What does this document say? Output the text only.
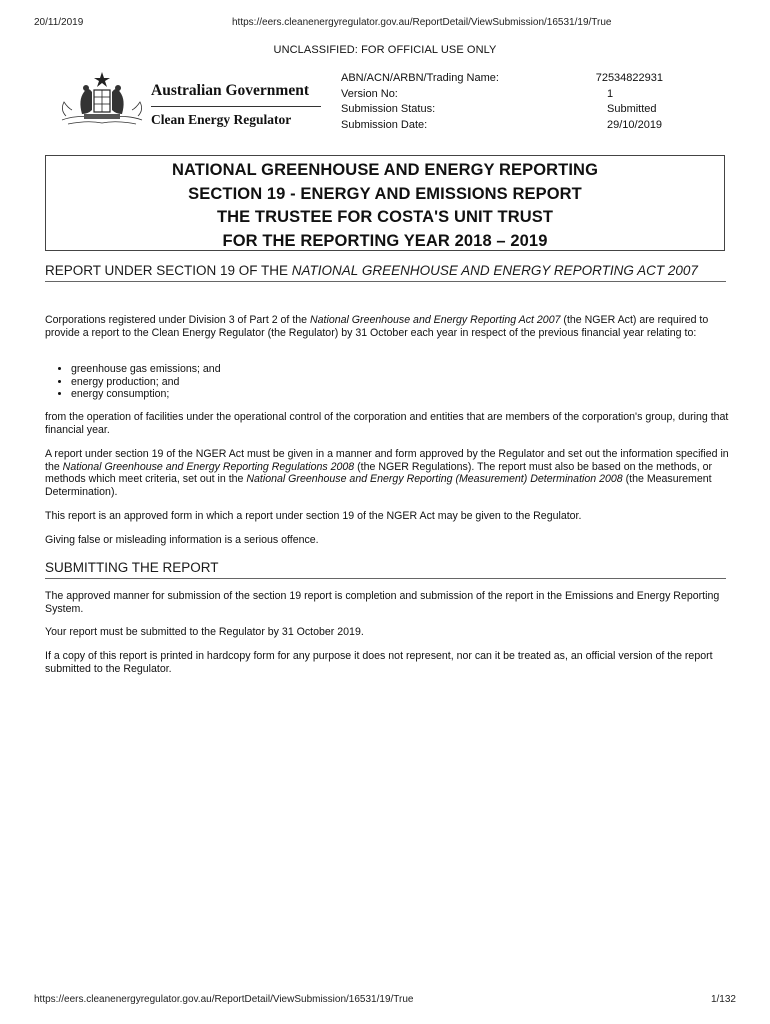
20/11/2019	https://eers.cleanenergyregulator.gov.au/ReportDetail/ViewSubmission/16531/19/True
UNCLASSIFIED: FOR OFFICIAL USE ONLY
Australian Government
Clean Energy Regulator
ABN/ACN/ARBN/Trading Name:	72534822931
Version No:	1
Submission Status:	Submitted
Submission Date:	29/10/2019
NATIONAL GREENHOUSE AND ENERGY REPORTING
SECTION 19 - ENERGY AND EMISSIONS REPORT
THE TRUSTEE FOR COSTA'S UNIT TRUST
FOR THE REPORTING YEAR 2018 – 2019
REPORT UNDER SECTION 19 OF THE NATIONAL GREENHOUSE AND ENERGY REPORTING ACT 2007

Corporations registered under Division 3 of Part 2 of the National Greenhouse and Energy Reporting Act 2007 (the NGER Act) are required to provide a report to the Clean Energy Regulator (the Regulator) by 31 October each year in respect of the previous financial year relating to:

• greenhouse gas emissions; and
• energy production; and
• energy consumption;
from the operation of facilities under the operational control of the corporation and entities that are members of the corporation's group, during that financial year.

A report under section 19 of the NGER Act must be given in a manner and form approved by the Regulator and set out the information specified in the National Greenhouse and Energy Reporting Regulations 2008 (the NGER Regulations). The report must also be based on the methods, or methods which meet criteria, set out in the National Greenhouse and Energy Reporting (Measurement) Determination 2008 (the Measurement Determination).

This report is an approved form in which a report under section 19 of the NGER Act may be given to the Regulator.
Giving false or misleading information is a serious offence.
SUBMITTING THE REPORT
The approved manner for submission of the section 19 report is completion and submission of the report in the Emissions and Energy Reporting System.
Your report must be submitted to the Regulator by 31 October 2019.
If a copy of this report is printed in hardcopy form for any purpose it does not represent, nor can it be treated as, an official version of the report submitted to the Regulator.
https://eers.cleanenergyregulator.gov.au/ReportDetail/ViewSubmission/16531/19/True	1/132
